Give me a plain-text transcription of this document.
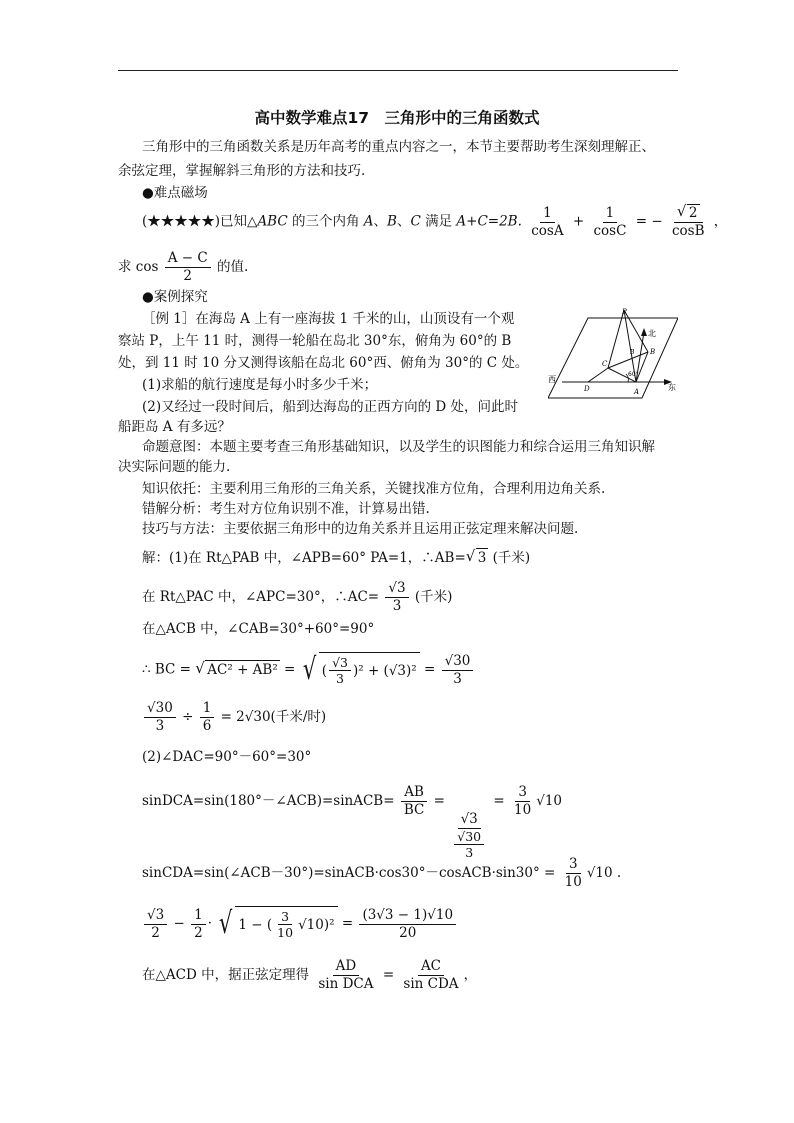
高中数学难点17　三角形中的三角函数式
三角形中的三角函数关系是历年高考的重点内容之一，本节主要帮助考生深刻理解正、
余弦定理，掌握解斜三角形的方法和技巧.
●难点磁场
(★★★★★)已知△ABC 的三个内角 A、B、C 满足 A+C=2B. $\frac{1}{\cos A} + \frac{1}{\cos C}$ = − $\frac{√ 2}{\cos B}$ ，
求 $\cos \frac{A - C}{2}$ 的值.
●案例探究
［例 1］在海岛 A 上有一座海拔 1 千米的山，山顶设有一个观
察站 P，上午 11 时，测得一轮船在岛北 30°东，俯角为 60°的 B
处，到 11 时 10 分又测得该船在岛北 60°西、俯角为 30°的 C 处。
(1)求船的航行速度是每小时多少千米；
(2)又经过一段时间后，船到达海岛的正西方向的 D 处，问此时
船距岛 A 有多远？
P
北
西
东
A
B
B
C
D
60°
命题意图：本题主要考查三角形基础知识，以及学生的识图能力和综合运用三角知识解
决实际问题的能力.
知识依托：主要利用三角形的三角关系，关键找准方位角，合理利用边角关系.
错解分析：考生对方位角识别不准，计算易出错.
技巧与方法：主要依据三角形中的边角关系并且运用正弦定理来解决问题.
解：(1)在 Rt△PAB 中，∠APB=60° PA=1，∴AB= √ 3 (千米)
在 Rt△PAC 中，∠APC=30°，∴AC= $\frac{√3}{3}$ (千米)
在△ACB 中，∠CAB=30°+60°=90°
∴ BC = √ AC² + AB² = √ ( √3
3 )$^2 + (√3)^2 = \frac{√30}{3}$
$\frac{√30}{3} \div \frac{1}{6} = 2√30$(千米/时)
(2)∠DAC=90°－60°=30°
sinDCA=sin(180°－∠ACB)=sinACB= $\frac{AB}{BC}$ =
$\frac{√3}{\frac{√30}{3}}$
= $\frac{3}{10} √10$
sinCDA=sin(∠ACB－30°)=sinACB·cos30°－cosACB·sin30° = $\frac{3}{10} √10$ .
$\frac{√3}{2} - \frac{1}{2}$ · √ 1 − ( 3
10 $√10)^2 = \frac{(3√3 - 1)√10}{20}$
在△ACD 中，据正弦定理得
AD
sin DCA
=
AC
sin CDA
，
